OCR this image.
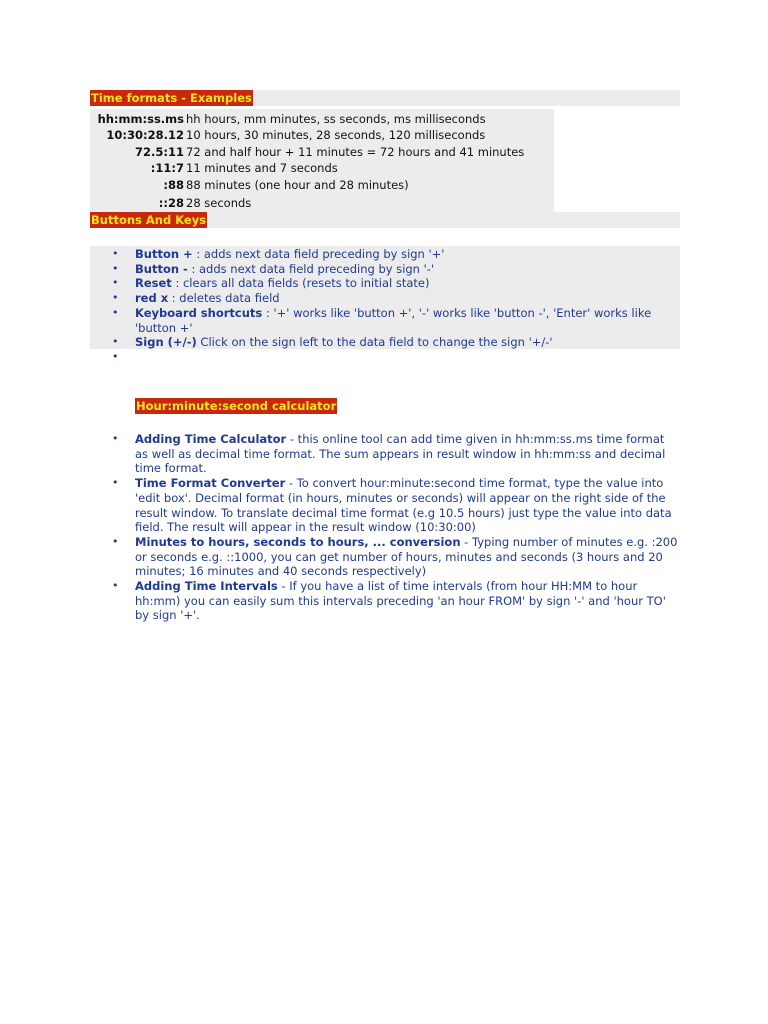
Time formats - Examples
hh:mm:ss.ms hh hours, mm minutes, ss seconds, ms milliseconds
10:30:28.12 10 hours, 30 minutes, 28 seconds, 120 milliseconds
72.5:11 72 and half hour + 11 minutes = 72 hours and 41 minutes
:11:7 11 minutes and 7 seconds
:88 88 minutes (one hour and 28 minutes)
::28 28 seconds
Buttons And Keys
• Button + : adds next data field preceding by sign '+'
• Button - : adds next data field preceding by sign '-'
• Reset : clears all data fields (resets to initial state)
• red x : deletes data field
• Keyboard shortcuts : '+' works like 'button +', '-' works like 'button -', 'Enter' works like 'button +'
• Sign (+/-) Click on the sign left to the data field to change the sign '+/-'
•
Hour:minute:second calculator
• Adding Time Calculator - this online tool can add time given in hh:mm:ss.ms time format as well as decimal time format. The sum appears in result window in hh:mm:ss and decimal time format.
• Time Format Converter - To convert hour:minute:second time format, type the value into 'edit box'. Decimal format (in hours, minutes or seconds) will appear on the right side of the result window. To translate decimal time format (e.g 10.5 hours) just type the value into data field. The result will appear in the result window (10:30:00)
• Minutes to hours, seconds to hours, ... conversion - Typing number of minutes e.g. :200 or seconds e.g. ::1000, you can get number of hours, minutes and seconds (3 hours and 20 minutes; 16 minutes and 40 seconds respectively)
• Adding Time Intervals - If you have a list of time intervals (from hour HH:MM to hour hh:mm) you can easily sum this intervals preceding 'an hour FROM' by sign '-' and 'hour TO' by sign '+'.
